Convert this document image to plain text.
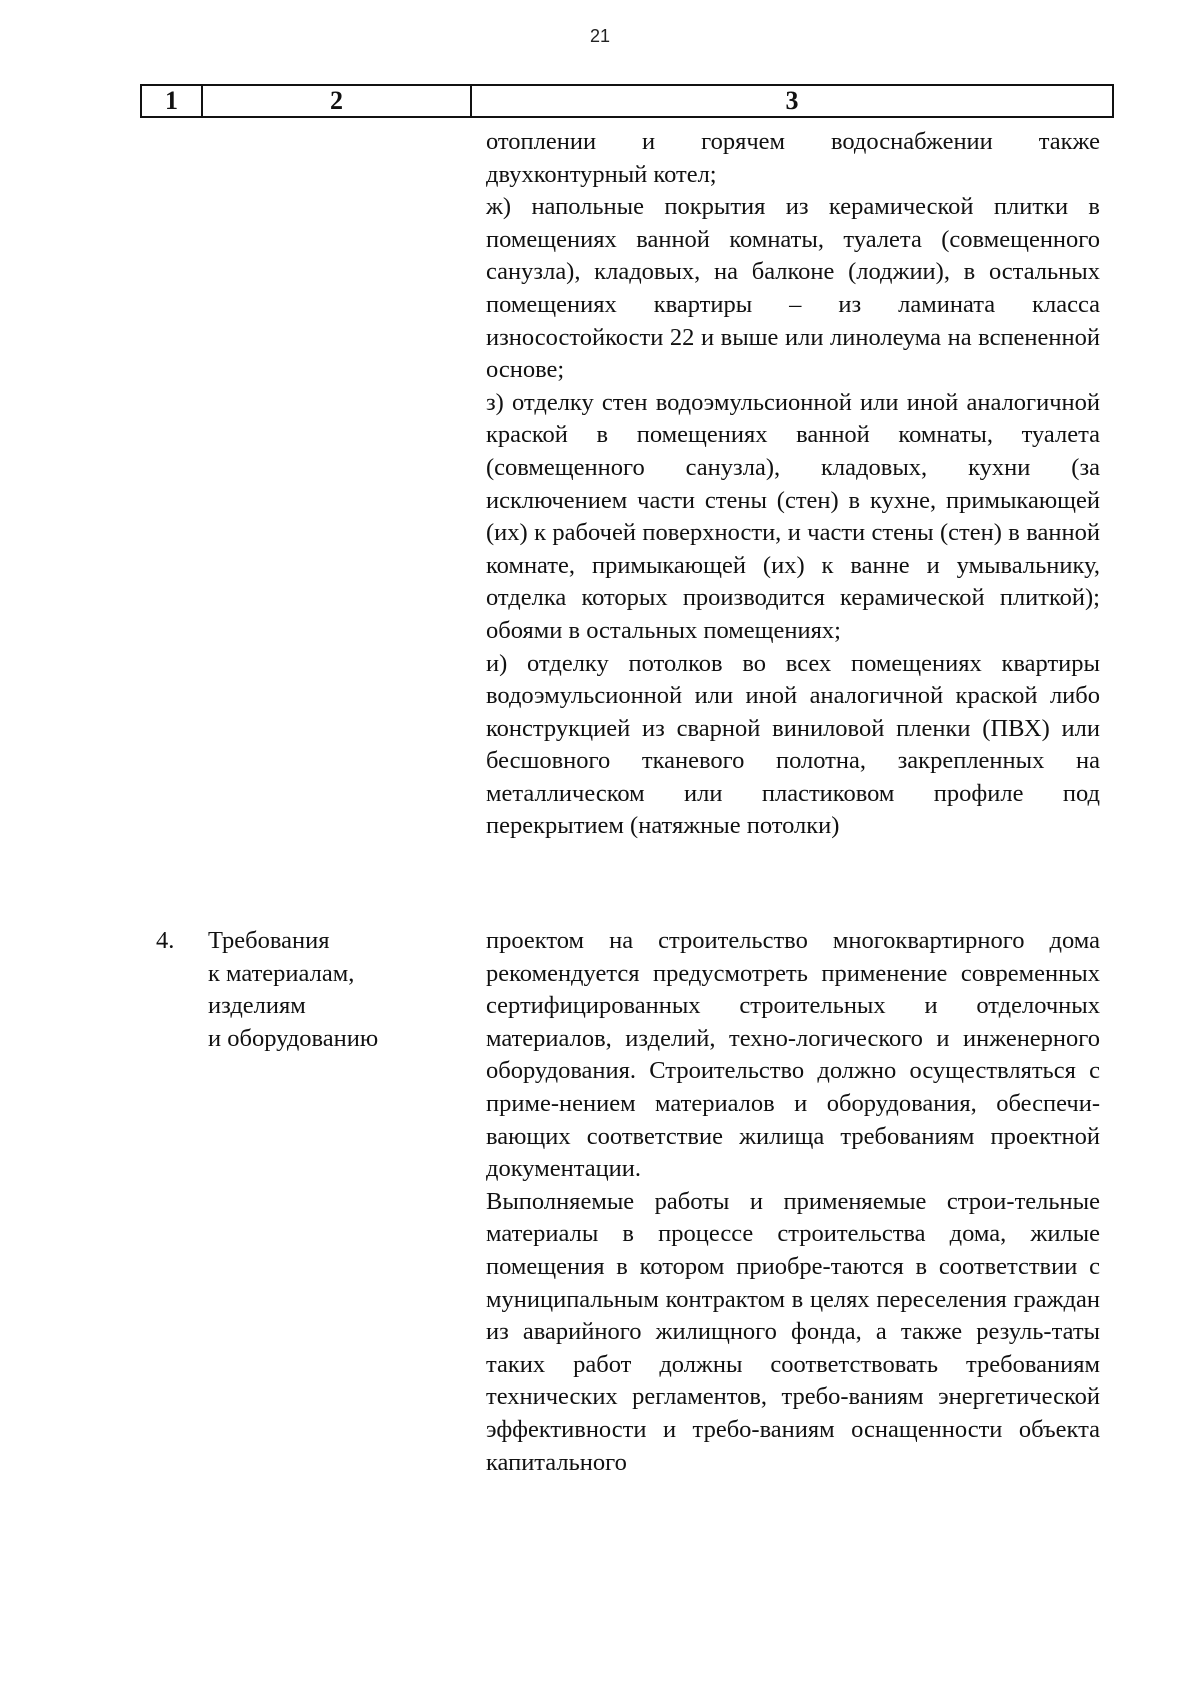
21
1	2	3

отоплении и горячем водоснабжении также двухконтурный котел;

ж) напольные покрытия из керамической плитки в помещениях ванной комнаты, туалета (совмещенного санузла), кладовых, на балконе (лоджии), в остальных помещениях квартиры – из ламината класса износостойкости 22 и выше или линолеума на вспененной основе;

з) отделку стен водоэмульсионной или иной аналогичной краской в помещениях ванной комнаты, туалета (совмещенного санузла), кладовых, кухни (за исключением части стены (стен) в кухне, примыкающей (их) к рабочей поверхности, и части стены (стен) в ванной комнате, примыкающей (их) к ванне и умывальнику, отделка которых производится керамической плиткой); обоями в остальных помещениях;

и) отделку потолков во всех помещениях квартиры водоэмульсионной или иной аналогичной краской либо конструкцией из сварной виниловой пленки (ПВХ) или бесшовного тканевого полотна, закрепленных на металлическом или пластиковом профиле под перекрытием (натяжные потолки)

4. Требования
к материалам,
изделиям
и оборудованию

проектом на строительство многоквартирного дома рекомендуется предусмотреть применение современных сертифицированных строительных и отделочных материалов, изделий, техно-логического и инженерного оборудования. Строительство должно осуществляться с приме-нением материалов и оборудования, обеспечи-вающих соответствие жилища требованиям проектной документации.

Выполняемые работы и применяемые строи-тельные материалы в процессе строительства дома, жилые помещения в котором приобре-таются в соответствии с муниципальным контрактом в целях переселения граждан из аварийного жилищного фонда, а также резуль-таты таких работ должны соответствовать требованиям технических регламентов, требо-ваниям энергетической эффективности и требо-ваниям оснащенности объекта капитального
